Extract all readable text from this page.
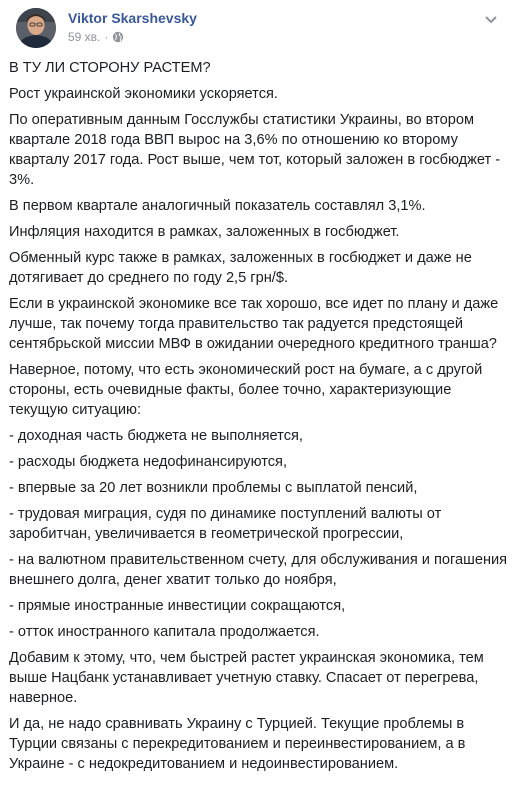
Viktor Skarshevsky
59 хв. ·

В ТУ ЛИ СТОРОНУ РАСТЕМ?

Рост украинской экономики ускоряется.

По оперативным данным Госслужбы статистики Украины, во втором квартале 2018 года ВВП вырос на 3,6% по отношению ко второму кварталу 2017 года. Рост выше, чем тот, который заложен в госбюджет - 3%.

В первом квартале аналогичный показатель составлял 3,1%.

Инфляция находится в рамках, заложенных в госбюджет.

Обменный курс также в рамках, заложенных в госбюджет и даже не дотягивает до среднего по году 2,5 грн/$.

Если в украинской экономике все так хорошо, все идет по плану и даже лучше, так почему тогда правительство так радуется предстоящей сентябрьской миссии МВФ в ожидании очередного кредитного транша?

Наверное, потому, что есть экономический рост на бумаге, а с другой стороны, есть очевидные факты, более точно, характеризующие текущую ситуацию:

- доходная часть бюджета не выполняется,

- расходы бюджета недофинансируются,

- впервые за 20 лет возникли проблемы с выплатой пенсий,

- трудовая миграция, судя по динамике поступлений валюты от заробитчан, увеличивается в геометрической прогрессии,

- на валютном правительственном счету, для обслуживания и погашения внешнего долга, денег хватит только до ноября,

- прямые иностранные инвестиции сокращаются,

- отток иностранного капитала продолжается.

Добавим к этому, что, чем быстрей растет украинская экономика, тем выше Нацбанк устанавливает учетную ставку. Спасает от перегрева, наверное.

И да, не надо сравнивать Украину с Турцией. Текущие проблемы в Турции связаны с перекредитованием и переинвестированием, а в Украине - с недокредитованием и недоинвестированием.
